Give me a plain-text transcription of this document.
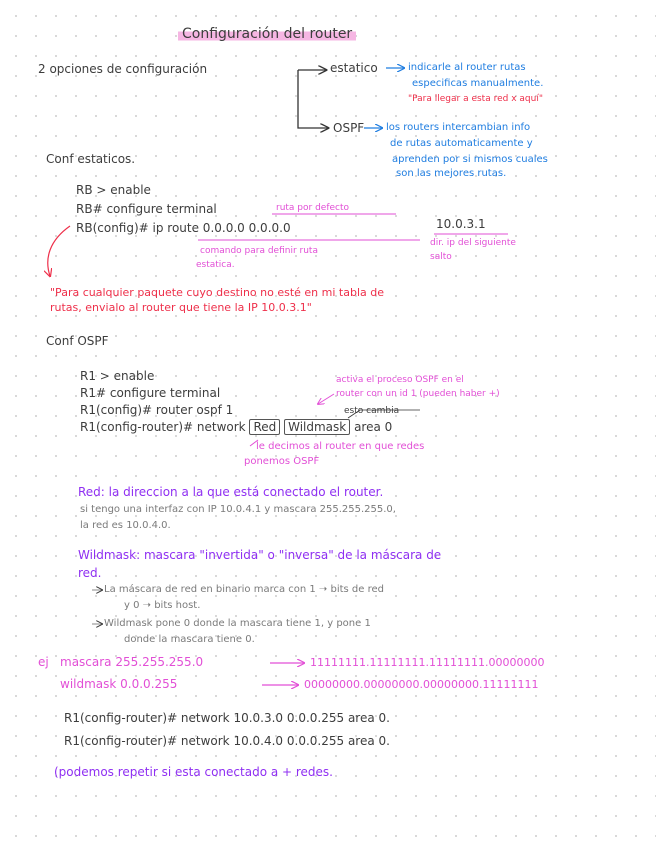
Configuración del router
2 opciones de configuración	estatico	indicarle al router rutas
especificas manualmente.
"Para llegar a esta red x aquí"
OSPF los routers intercambian info
de rutas automaticamente y
aprenden por si mismos cuales
son las mejores rutas.
Conf estaticos.
RB > enable
RB# configure terminal	ruta por defecto
RB(config)# ip route 0.0.0.0 0.0.0.0	10.0.3.1
dir. ip del siguiente
salto
comando para definir ruta
estatica.
"Para cualquier paquete cuyo destino no esté en mi tabla de
rutas, envialo al router que tiene la IP 10.0.3.1"
Conf OSPF
R1 > enable
R1# configure terminal
R1(config)# router ospf 1
R1(config-router)# network Red Wildmask area 0
activa el proceso OSPF en el
router con un id 1 (pueden haber +)
esto cambia
le decimos al router en que redes
ponemos OSPF
Red: la direccion a la que está conectado el router.
si tengo una interfaz con IP 10.0.4.1 y mascara 255.255.255.0,
la red es 10.0.4.0.
Wildmask: mascara "invertida" o "inversa" de la máscara de
red.
La máscara de red en binario marca con 1 ➝ bits de red
y 0 ➝ bits host.
Wildmask pone 0 donde la mascara tiene 1, y pone 1
donde la mascara tiene 0.
ej mascara 255.255.255.0	11111111.11111111.11111111.00000000
wildmask 0.0.0.255	00000000.00000000.00000000.11111111
R1(config-router)# network 10.0.3.0 0.0.0.255 area 0.
R1(config-router)# network 10.0.4.0 0.0.0.255 area 0.
(podemos repetir si esta conectado a + redes.
